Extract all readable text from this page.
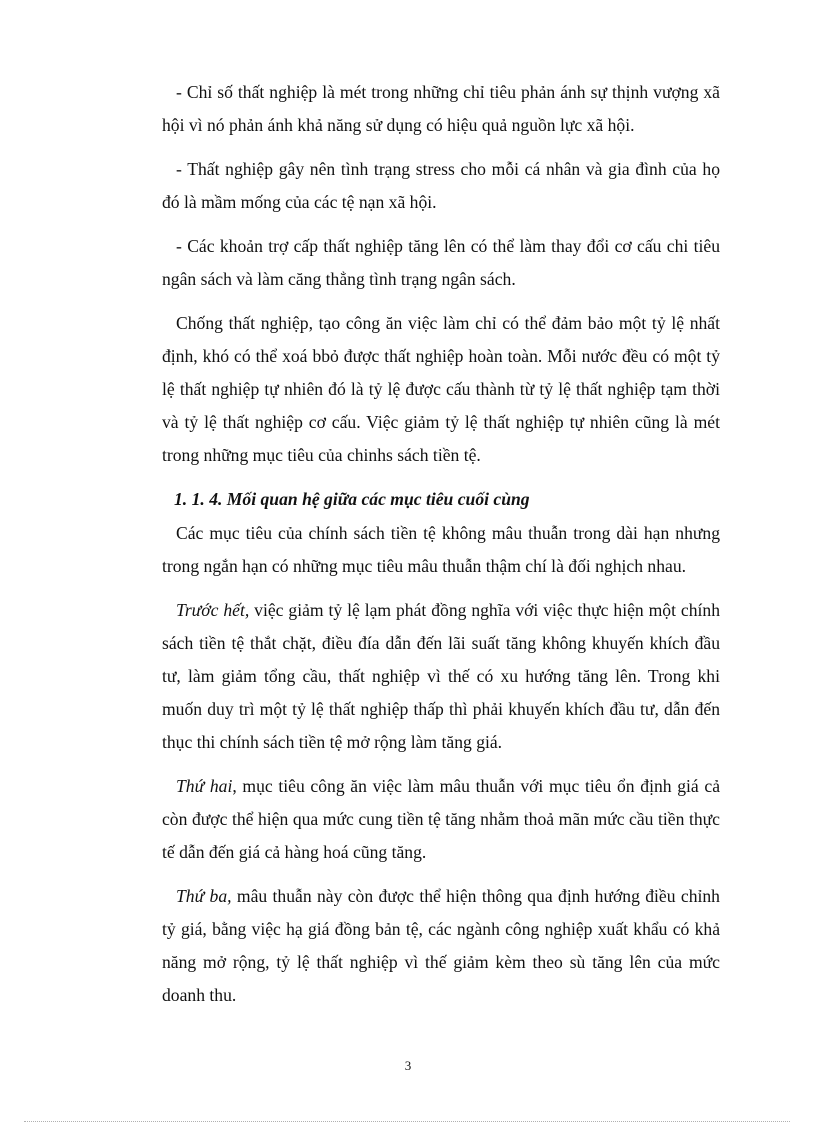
- Chỉ số thất nghiệp là mét trong những chỉ tiêu phản ánh sự thịnh vượng xã hội vì nó phản ánh khả năng sử dụng có hiệu quả nguồn lực xã hội.

- Thất nghiệp gây nên tình trạng stress cho mỗi cá nhân và gia đình của họ đó là mầm mống của các tệ nạn xã hội.

- Các khoản trợ cấp thất nghiệp tăng lên có thể làm thay đổi cơ cấu chi tiêu ngân sách và làm căng thẳng tình trạng ngân sách.

Chống thất nghiệp, tạo công ăn việc làm chỉ có thể đảm bảo một tỷ lệ nhất định, khó có thể xoá bbỏ được thất nghiệp hoàn toàn. Mỗi nước đều có một tỷ lệ thất nghiệp tự nhiên đó là tỷ lệ được cấu thành từ tỷ lệ thất nghiệp tạm thời và tỷ lệ thất nghiệp cơ cấu. Việc giảm tỷ lệ thất nghiệp tự nhiên cũng là mét trong những mục tiêu của chinhs sách tiền tệ.

1. 1. 4. Mối quan hệ giữa các mục tiêu cuối cùng

Các mục tiêu của chính sách tiền tệ không mâu thuẫn trong dài hạn nhưng trong ngắn hạn có những mục tiêu mâu thuẫn thậm chí là đối nghịch nhau.

Trước hết, việc giảm tỷ lệ lạm phát đồng nghĩa với việc thực hiện một chính sách tiền tệ thắt chặt, điều đía dẫn đến lãi suất tăng không khuyến khích đầu tư, làm giảm tổng cầu, thất nghiệp vì thế có xu hướng tăng lên. Trong khi muốn duy trì một tỷ lệ thất nghiệp thấp thì phải khuyến khích đầu tư, dẫn đến thục thi chính sách tiền tệ mở rộng làm tăng giá.

Thứ hai, mục tiêu công ăn việc làm mâu thuẫn với mục tiêu ổn định giá cả còn được thể hiện qua mức cung tiền tệ tăng nhằm thoả mãn mức cầu tiền thực tế dẫn đến giá cả hàng hoá cũng tăng.

Thứ ba, mâu thuẫn này còn được thể hiện thông qua định hướng điều chỉnh tỷ giá, bằng việc hạ giá đồng bản tệ, các ngành công nghiệp xuất khẩu có khả năng mở rộng, tỷ lệ thất nghiệp vì thế giảm kèm theo sù tăng lên của mức doanh thu.

3
